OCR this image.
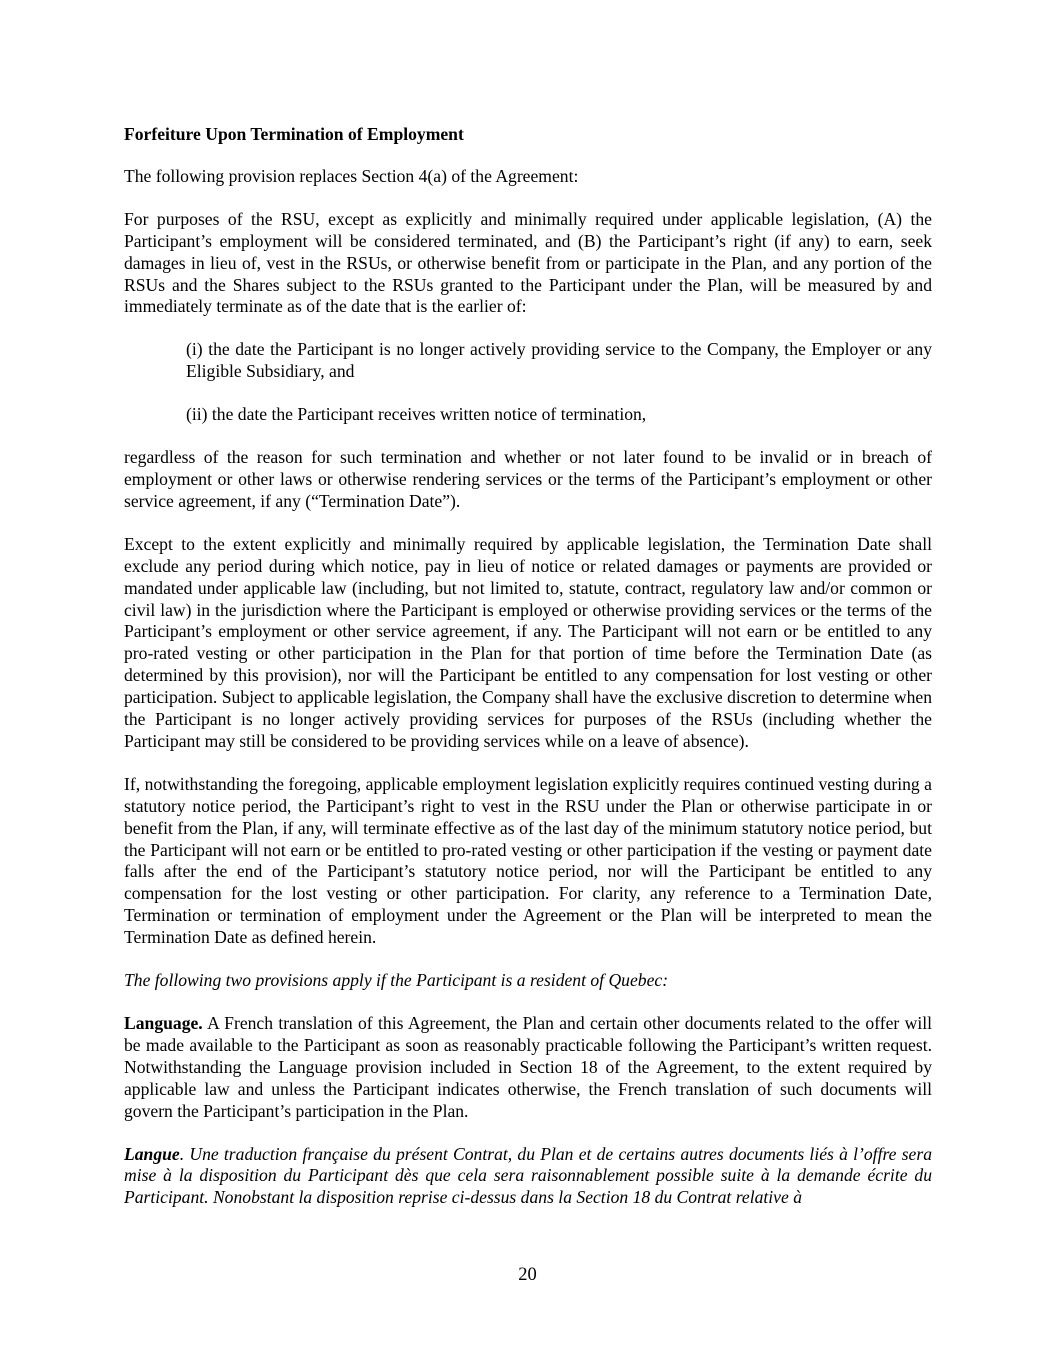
Forfeiture Upon Termination of Employment

The following provision replaces Section 4(a) of the Agreement:

For purposes of the RSU, except as explicitly and minimally required under applicable legislation, (A) the Participant’s employment will be considered terminated, and (B) the Participant’s right (if any) to earn, seek damages in lieu of, vest in the RSUs, or otherwise benefit from or participate in the Plan, and any portion of the RSUs and the Shares subject to the RSUs granted to the Participant under the Plan, will be measured by and immediately terminate as of the date that is the earlier of:

(i) the date the Participant is no longer actively providing service to the Company, the Employer or any Eligible Subsidiary, and

(ii) the date the Participant receives written notice of termination,

regardless of the reason for such termination and whether or not later found to be invalid or in breach of employment or other laws or otherwise rendering services or the terms of the Participant’s employment or other service agreement, if any (“Termination Date”).

Except to the extent explicitly and minimally required by applicable legislation, the Termination Date shall exclude any period during which notice, pay in lieu of notice or related damages or payments are provided or mandated under applicable law (including, but not limited to, statute, contract, regulatory law and/or common or civil law) in the jurisdiction where the Participant is employed or otherwise providing services or the terms of the Participant’s employment or other service agreement, if any. The Participant will not earn or be entitled to any pro-rated vesting or other participation in the Plan for that portion of time before the Termination Date (as determined by this provision), nor will the Participant be entitled to any compensation for lost vesting or other participation. Subject to applicable legislation, the Company shall have the exclusive discretion to determine when the Participant is no longer actively providing services for purposes of the RSUs (including whether the Participant may still be considered to be providing services while on a leave of absence).

If, notwithstanding the foregoing, applicable employment legislation explicitly requires continued vesting during a statutory notice period, the Participant’s right to vest in the RSU under the Plan or otherwise participate in or benefit from the Plan, if any, will terminate effective as of the last day of the minimum statutory notice period, but the Participant will not earn or be entitled to pro-rated vesting or other participation if the vesting or payment date falls after the end of the Participant’s statutory notice period, nor will the Participant be entitled to any compensation for the lost vesting or other participation. For clarity, any reference to a Termination Date, Termination or termination of employment under the Agreement or the Plan will be interpreted to mean the Termination Date as defined herein.

The following two provisions apply if the Participant is a resident of Quebec:

Language. A French translation of this Agreement, the Plan and certain other documents related to the offer will be made available to the Participant as soon as reasonably practicable following the Participant’s written request. Notwithstanding the Language provision included in Section 18 of the Agreement, to the extent required by applicable law and unless the Participant indicates otherwise, the French translation of such documents will govern the Participant’s participation in the Plan.

Langue. Une traduction française du présent Contrat, du Plan et de certains autres documents liés à l’offre sera mise à la disposition du Participant dès que cela sera raisonnablement possible suite à la demande écrite du Participant. Nonobstant la disposition reprise ci-dessus dans la Section 18 du Contrat relative à

20
